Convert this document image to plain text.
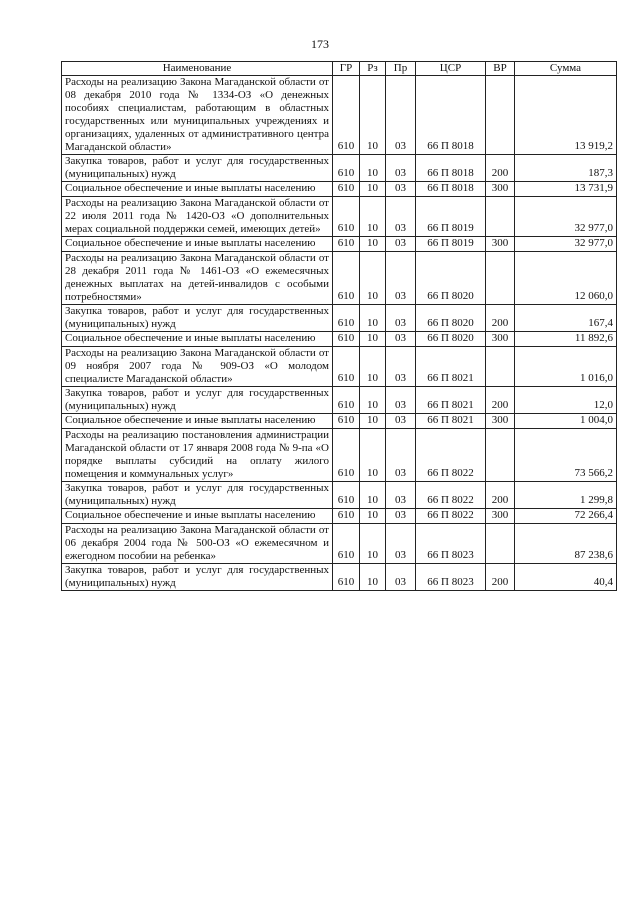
173
Наименование	ГР	Рз	Пр	ЦСР	ВР	Сумма
Расходы на реализацию Закона Магаданской области от 08 декабря 2010 года № 1334-ОЗ «О денежных пособиях специалистам, работающим в областных государственных или муниципальных учреждениях и организациях, удаленных от административного центра Магаданской области»	610	10	03	66 П 8018		13 919,2
Закупка товаров, работ и услуг для государственных (муниципальных) нужд	610	10	03	66 П 8018	200	187,3
Социальное обеспечение и иные выплаты населению	610	10	03	66 П 8018	300	13 731,9
Расходы на реализацию Закона Магаданской области от 22 июля 2011 года № 1420-ОЗ «О дополнительных мерах социальной поддержки семей, имеющих детей»	610	10	03	66 П 8019		32 977,0
Социальное обеспечение и иные выплаты населению	610	10	03	66 П 8019	300	32 977,0
Расходы на реализацию Закона Магаданской области от 28 декабря 2011 года № 1461-ОЗ «О ежемесячных денежных выплатах на детей-инвалидов с особыми потребностями»	610	10	03	66 П 8020		12 060,0
Закупка товаров, работ и услуг для государственных (муниципальных) нужд	610	10	03	66 П 8020	200	167,4
Социальное обеспечение и иные выплаты населению	610	10	03	66 П 8020	300	11 892,6
Расходы на реализацию Закона Магаданской области от 09 ноября 2007 года № 909-ОЗ «О молодом специалисте Магаданской области»	610	10	03	66 П 8021		1 016,0
Закупка товаров, работ и услуг для государственных (муниципальных) нужд	610	10	03	66 П 8021	200	12,0
Социальное обеспечение и иные выплаты населению	610	10	03	66 П 8021	300	1 004,0
Расходы на реализацию постановления администрации Магаданской области от 17 января 2008 года № 9-па «О порядке выплаты субсидий на оплату жилого помещения и коммунальных услуг»	610	10	03	66 П 8022		73 566,2
Закупка товаров, работ и услуг для государственных (муниципальных) нужд	610	10	03	66 П 8022	200	1 299,8
Социальное обеспечение и иные выплаты населению	610	10	03	66 П 8022	300	72 266,4
Расходы на реализацию Закона Магаданской области от 06 декабря 2004 года № 500-ОЗ «О ежемесячном и ежегодном пособии на ребенка»	610	10	03	66 П 8023		87 238,6
Закупка товаров, работ и услуг для государственных (муниципальных) нужд	610	10	03	66 П 8023	200	40,4
